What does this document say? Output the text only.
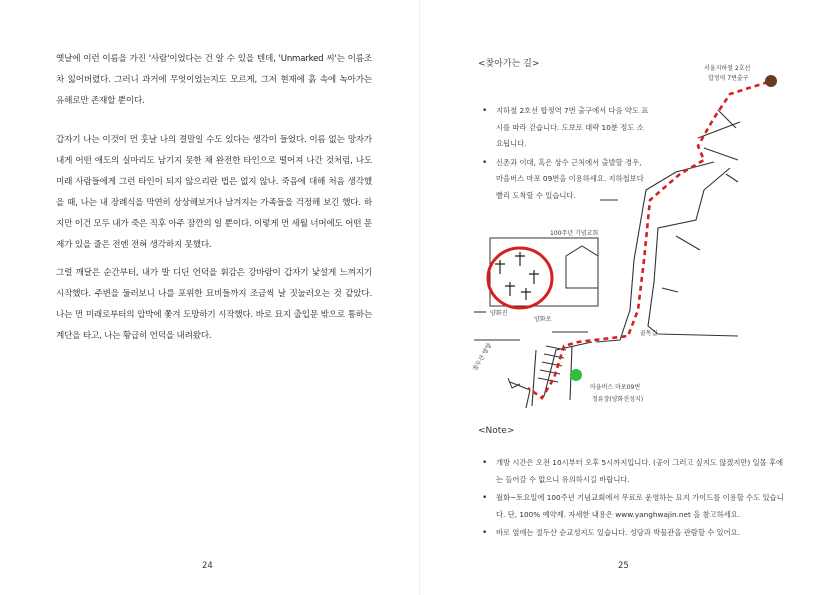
옛날에 이런 이름을 가진 '사람'이었다는 건 알 수 있을 텐데, 'Unmarked 씨'는 이름조차 잃어버렸다. 그러니 과거에 무엇이었는지도 모르게, 그저 현재에 흙 속에 녹아가는 유해로만 존재할 뿐이다.

갑자기 나는 이것이 먼 훗날 나의 결말일 수도 있다는 생각이 들었다. 이름 없는 망자가 내게 어떤 애도의 실마리도 남기지 못한 채 완전한 타인으로 떨어져 나간 것처럼, 나도 미래 사람들에게 그런 타인이 되지 않으리란 법은 없지 않나. 죽음에 대해 처음 생각했을 때, 나는 내 장례식을 막연히 상상해보거나 남겨지는 가족들을 걱정해 보긴 했다. 하지만 이건 모두 내가 죽은 직후 아주 잠깐의 일 뿐이다. 이렇게 먼 세월 너머에도 어떤 문제가 있을 줄은 전엔 전혀 생각하지 못했다.

그럴 깨달은 순간부터, 내가 발 디딘 언덕을 휘감은 강바람이 갑자기 낯설게 느껴지기 시작했다. 주변을 둘러보니 나를 포위한 묘비들까지 조금씩 날 짓눌러오는 것 같았다. 나는 먼 미래로부터의 압박에 쫓겨 도망하기 시작했다. 바로 묘지 출입문 밖으로 통하는 계단을 타고, 나는 황급히 언덕을 내려왔다.

24
<찾아가는 길>
• 지하철 2호선 합정역 7번 출구에서 다음 약도 표시를 따라 걷습니다. 도보로 대략 10분 정도 소요됩니다.
• 신촌과 이대, 혹은 상수 근처에서 출발할 경우, 마을버스 마포 09번을 이용하세요. 지하철보다 빨리 도착할 수 있습니다.
<Note>
• 개방 시간은 오전 10시부터 오후 5시까지입니다. (공이 그러고 싶지도 않겠지만) 일몰 후에는 들어갈 수 없으니 유의하시길 바랍니다.
• 월화~토요일에 100주년 기념교회에서 무료로 운영하는 묘지 가이드를 이용할 수도 있습니다. 단, 100% 예약제. 자세한 내용은 www.yanghwajin.net 을 참고하세요.
• 바로 옆에는 절두산 순교성지도 있습니다. 성당과 박물관을 관람할 수 있어요.
25
서울지하철 2호선
합정역 7번출구
100주년 기념교회
양화진
양화로
골목길
마을버스 마포09번
정류장(양화진성지)
절두산 방향
